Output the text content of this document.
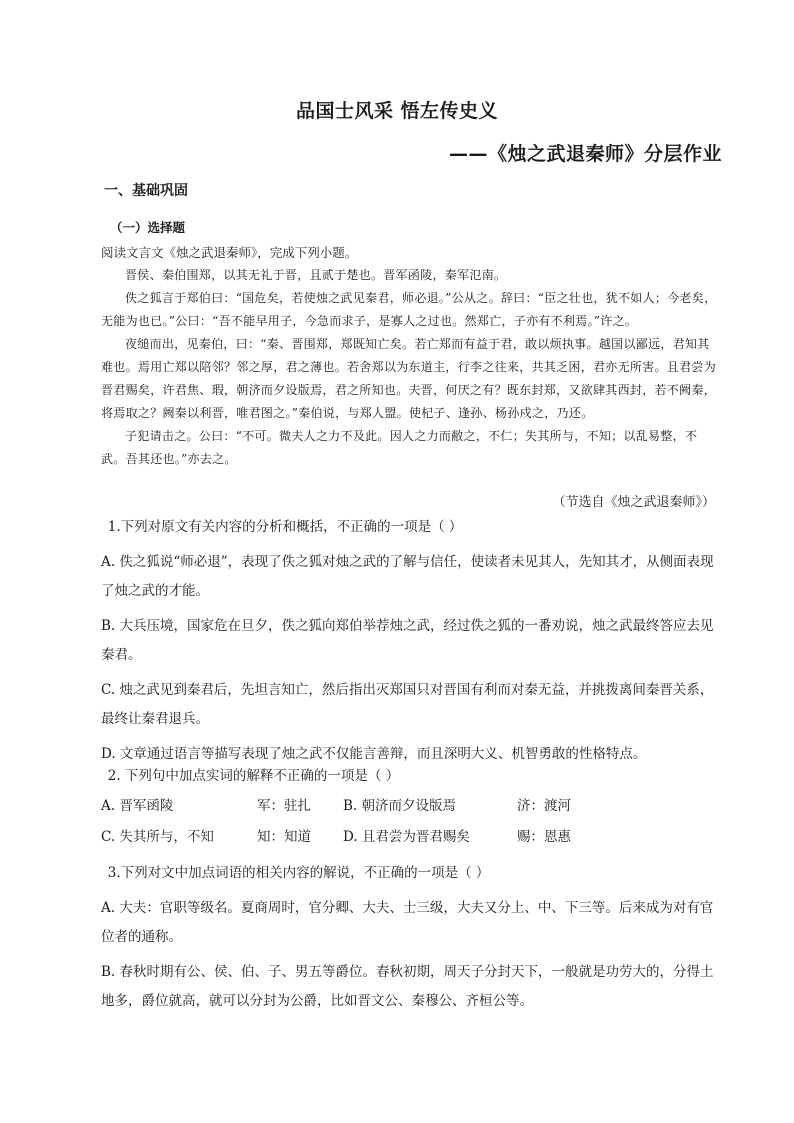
品国士风采 悟左传史义
——《烛之武退秦师》分层作业
一、基础巩固
（一）选择题

阅读文言文《烛之武退秦师》，完成下列小题。

晋侯、秦伯围郑，以其无礼于晋，且贰于楚也。晋军函陵，秦军氾南。

佚之狐言于郑伯曰：“国危矣，若使烛之武见秦君，师必退。”公从之。辞曰：“臣之壮也，犹不如人；今老矣，无能为也已。”公曰：“吾不能早用子，今急而求子，是寡人之过也。然郑亡，子亦有不利焉。”许之。

夜缒而出，见秦伯，曰：“秦、晋围郑，郑既知亡矣。若亡郑而有益于君，敢以烦执事。越国以鄙远，君知其难也。焉用亡郑以陪邻？邻之厚，君之薄也。若舍郑以为东道主，行李之往来，共其乏困，君亦无所害。且君尝为晋君赐矣，许君焦、瑕，朝济而夕设版焉，君之所知也。夫晋，何厌之有？既东封郑，又欲肆其西封，若不阙秦，将焉取之？阙秦以利晋，唯君图之。”秦伯说，与郑人盟。使杞子、逢孙、杨孙戍之，乃还。

子犯请击之。公曰：“不可。微夫人之力不及此。因人之力而敝之，不仁；失其所与，不知；以乱易整，不武。吾其还也。”亦去之。

（节选自《烛之武退秦师》）

1.下列对原文有关内容的分析和概括，不正确的一项是（ ）

A. 佚之狐说“师必退”，表现了佚之狐对烛之武的了解与信任，使读者未见其人，先知其才，从侧面表现了烛之武的才能。

B. 大兵压境，国家危在旦夕，佚之狐向郑伯举荐烛之武，经过佚之狐的一番劝说，烛之武最终答应去见秦君。

C. 烛之武见到秦君后，先坦言知亡，然后指出灭郑国只对晋国有利而对秦无益，并挑拨离间秦晋关系，最终让秦君退兵。

D. 文章通过语言等描写表现了烛之武不仅能言善辩，而且深明大义、机智勇敢的性格特点。

2. 下列句中加点实词的解释不正确的一项是（ ）

A. 晋军函陵	军：驻扎	B. 朝济而夕设版焉	济：渡河
C. 失其所与，不知	知：知道	D. 且君尝为晋君赐矣	赐：恩惠

3.下列对文中加点词语的相关内容的解说，不正确的一项是（ ）

A. 大夫：官职等级名。夏商周时，官分卿、大夫、士三级，大夫又分上、中、下三等。后来成为对有官位者的通称。

B. 春秋时期有公、侯、伯、子、男五等爵位。春秋初期，周天子分封天下，一般就是功劳大的，分得土地多，爵位就高，就可以分封为公爵，比如晋文公、秦穆公、齐桓公等。
